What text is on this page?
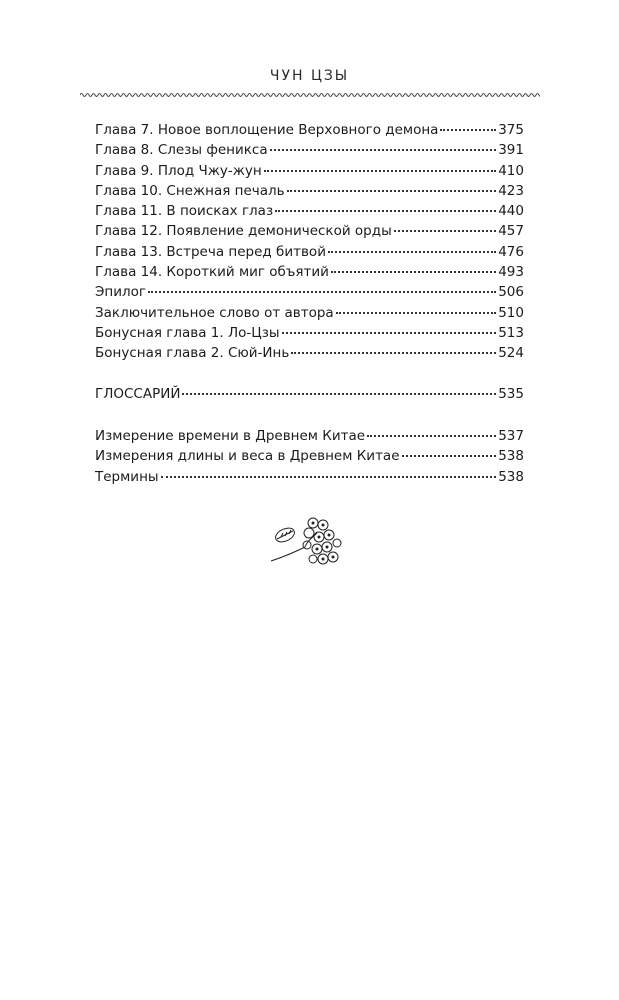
ЧУН ЦЗЫ
Глава 7. Новое воплощение Верховного демона	375
Глава 8. Слезы феникса	391
Глава 9. Плод Чжу-жун	410
Глава 10. Снежная печаль	423
Глава 11. В поисках глаз	440
Глава 12. Появление демонической орды	457
Глава 13. Встреча перед битвой	476
Глава 14. Короткий миг объятий	493
Эпилог	506
Заключительное слово от автора	510
Бонусная глава 1. Ло-Цзы	513
Бонусная глава 2. Сюй-Инь	524
ГЛОССАРИЙ	535
Измерение времени в Древнем Китае	537
Измерения длины и веса в Древнем Китае	538
Термины	538
